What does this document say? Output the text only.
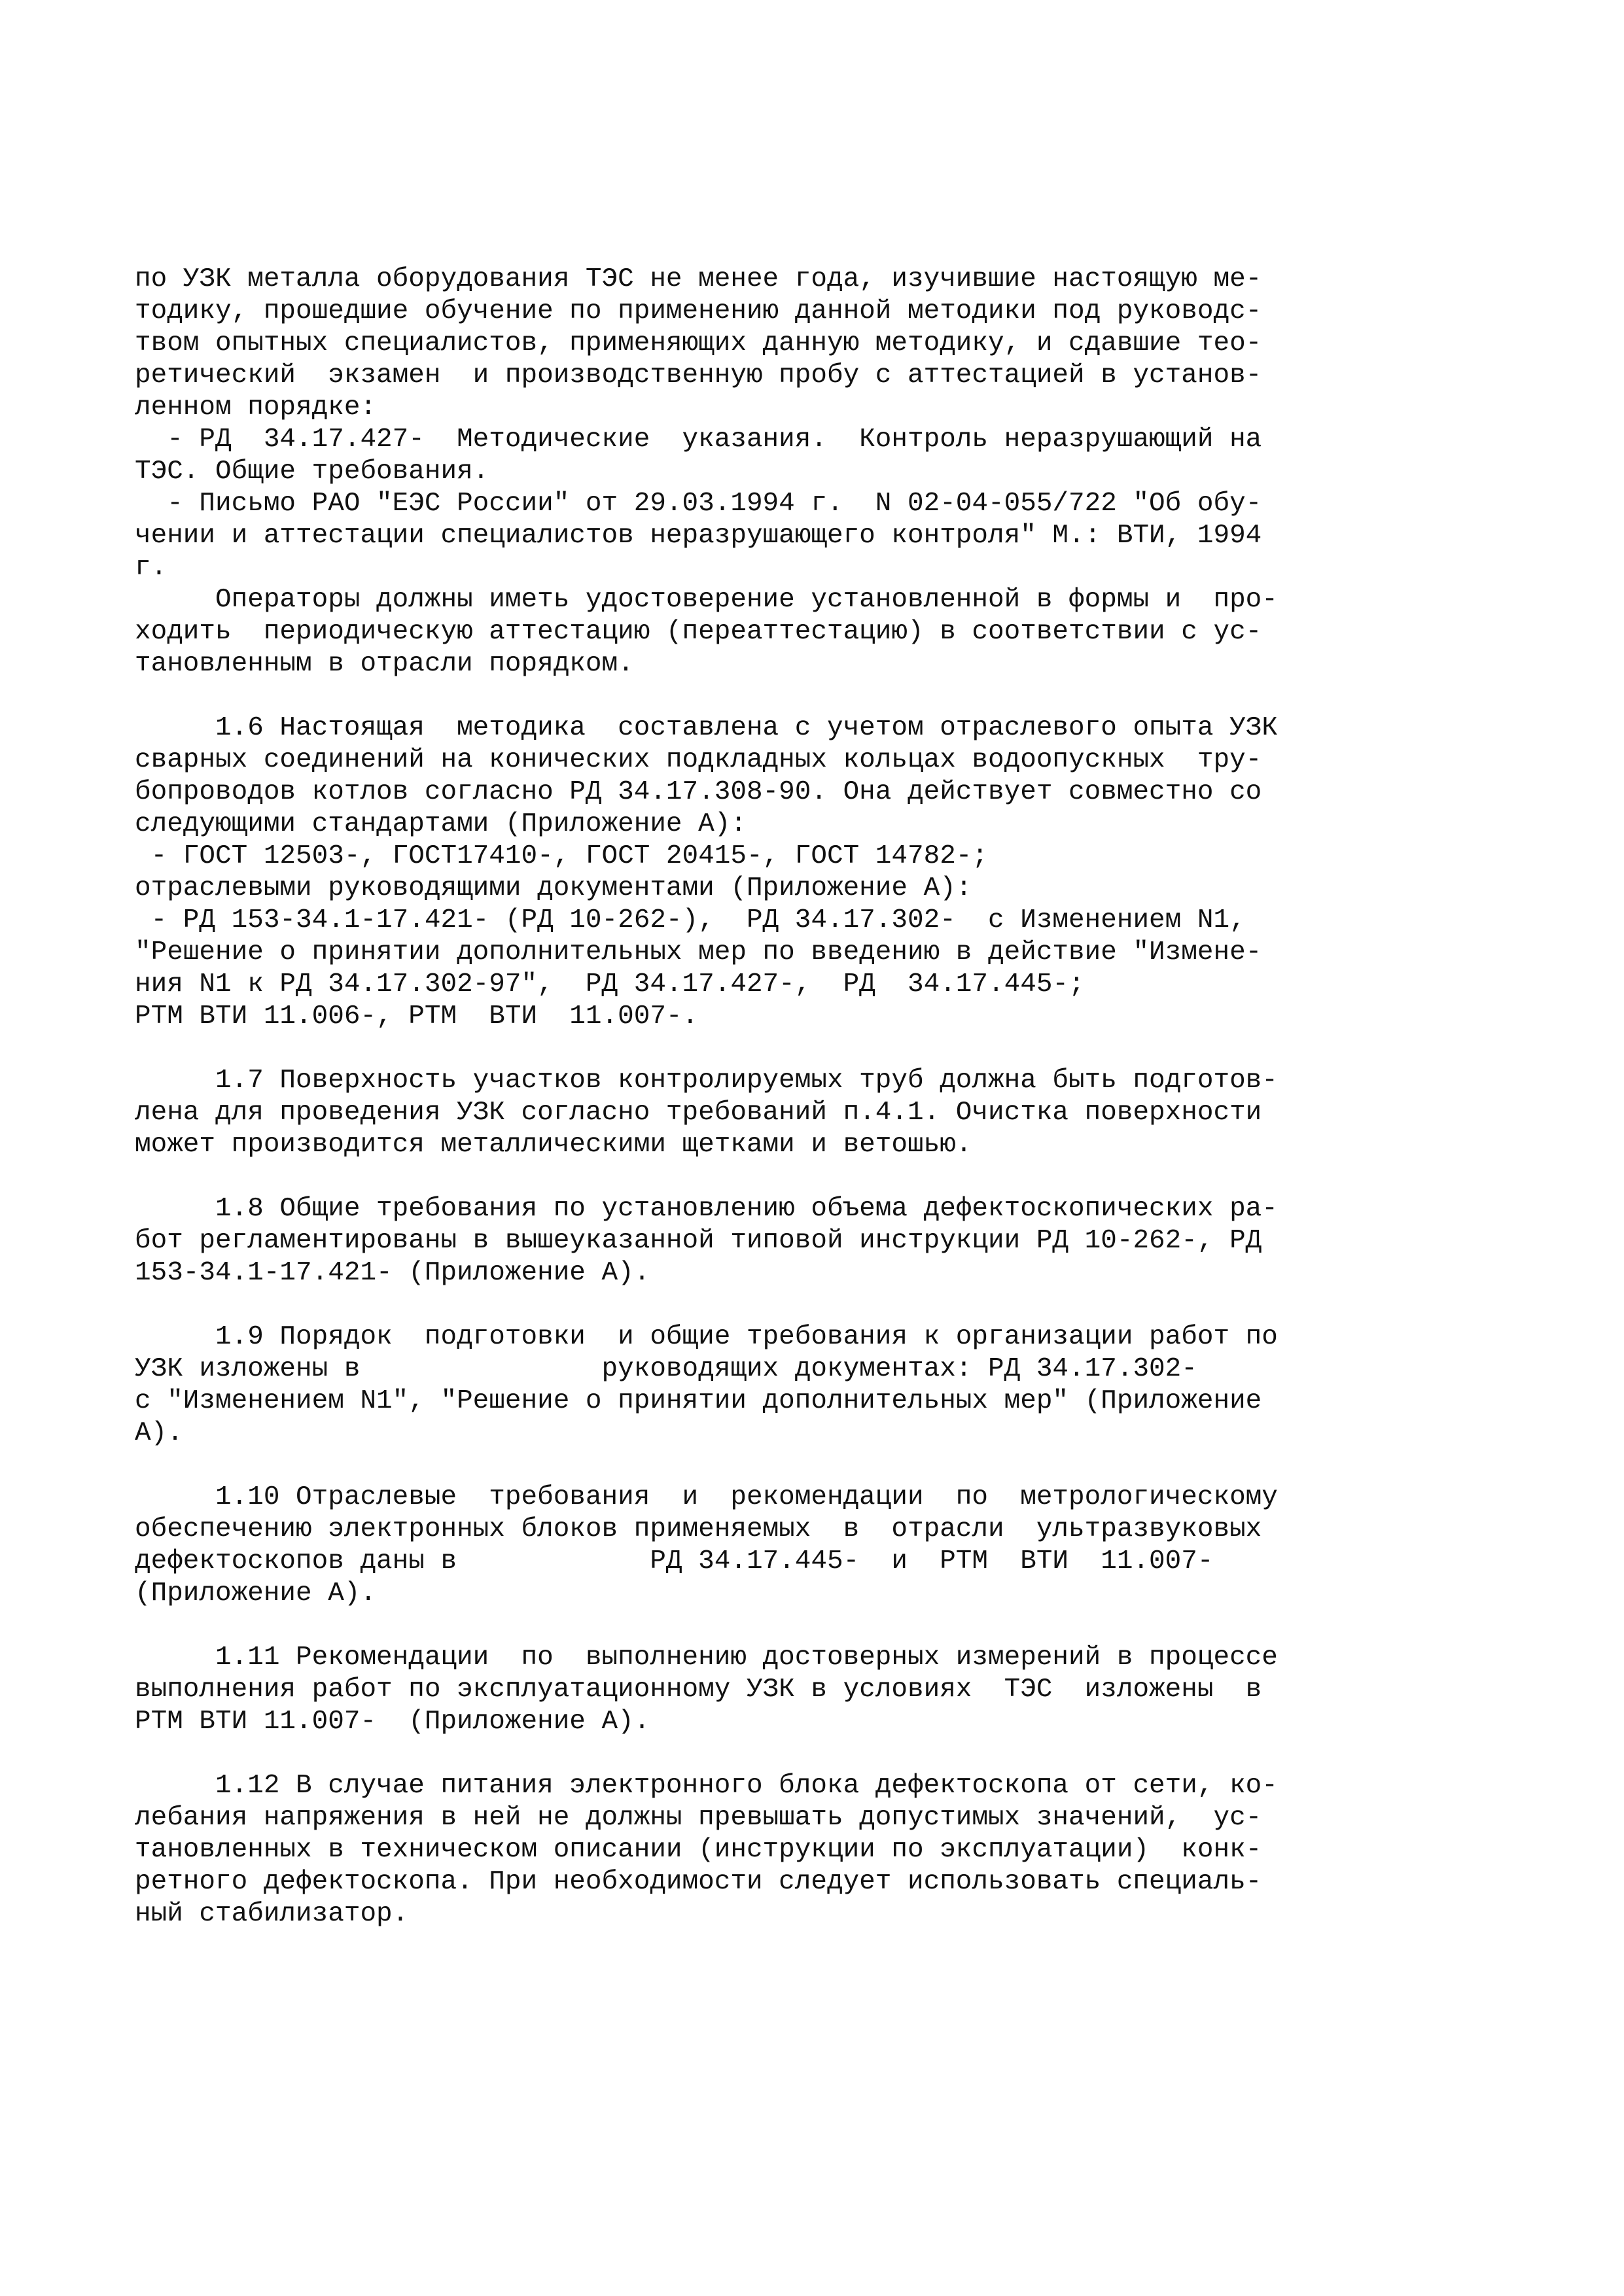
по УЗК металла оборудования ТЭС не менее года, изучившие настоящую ме-
тодику, прошедшие обучение по применению данной методики под руководс-
твом опытных специалистов, применяющих данную методику, и сдавшие тео-
ретический  экзамен  и производственную пробу с аттестацией в установ-
ленном порядке:
- РД  34.17.427-  Методические  указания.  Контроль неразрушающий на
ТЭС. Общие требования.
- Письмо РАО "ЕЭС России" от 29.03.1994 г.  N 02-04-055/722 "Об обу-
чении и аттестации специалистов неразрушающего контроля" М.: ВТИ, 1994
г.
Операторы должны иметь удостоверение установленной в формы и  про-
ходить  периодическую аттестацию (переаттестацию) в соответствии с ус-
тановленным в отрасли порядком.
1.6 Настоящая  методика  составлена с учетом отраслевого опыта УЗК
сварных соединений на конических подкладных кольцах водоопускных  тру-
бопроводов котлов согласно РД 34.17.308-90. Она действует совместно со
следующими стандартами (Приложение А):
- ГОСТ 12503-, ГОСТ17410-, ГОСТ 20415-, ГОСТ 14782-;
отраслевыми руководящими документами (Приложение А):
- РД 153-34.1-17.421- (РД 10-262-),  РД 34.17.302-  с Изменением N1,
"Решение о принятии дополнительных мер по введению в действие "Измене-
ния N1 к РД 34.17.302-97",  РД 34.17.427-,  РД  34.17.445-;
РТМ ВТИ 11.006-, РТМ  ВТИ  11.007-.
1.7 Поверхность участков контролируемых труб должна быть подготов-
лена для проведения УЗК согласно требований п.4.1. Очистка поверхности
может производится металлическими щетками и ветошью.
1.8 Общие требования по установлению объема дефектоскопических ра-
бот регламентированы в вышеуказанной типовой инструкции РД 10-262-, РД
153-34.1-17.421- (Приложение А).
1.9 Порядок  подготовки  и общие требования к организации работ по
УЗК изложены в               руководящих документах: РД 34.17.302-
с "Изменением N1", "Решение о принятии дополнительных мер" (Приложение
А).
1.10 Отраслевые  требования  и  рекомендации  по  метрологическому
обеспечению электронных блоков применяемых  в  отрасли  ультразвуковых
дефектоскопов даны в            РД 34.17.445-  и  РТМ  ВТИ  11.007-
(Приложение А).
1.11 Рекомендации  по  выполнению достоверных измерений в процессе
выполнения работ по эксплуатационному УЗК в условиях  ТЭС  изложены  в
РТМ ВТИ 11.007-  (Приложение А).
1.12 В случае питания электронного блока дефектоскопа от сети, ко-
лебания напряжения в ней не должны превышать допустимых значений,  ус-
тановленных в техническом описании (инструкции по эксплуатации)  конк-
ретного дефектоскопа. При необходимости следует использовать специаль-
ный стабилизатор.
